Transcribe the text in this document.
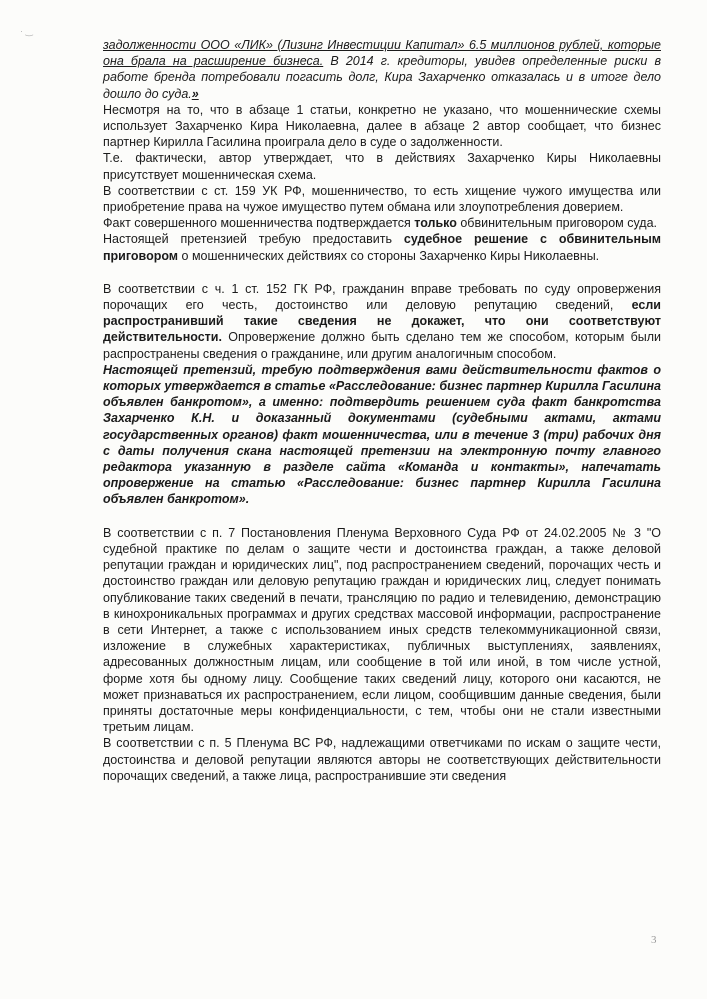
· ‿

задолженности ООО «ЛИК» (Лизинг Инвестиции Капитал» 6.5 миллионов рублей, которые она брала на расширение бизнеса. В 2014 г. кредиторы, увидев определенные риски в работе бренда потребовали погасить долг, Кира Захарченко отказалась и в итоге дело дошло до суда.»

Несмотря на то, что в абзаце 1 статьи, конкретно не указано, что мошеннические схемы использует Захарченко Кира Николаевна, далее в абзаце 2 автор сообщает, что бизнес партнер Кирилла Гасилина проиграла дело в суде о задолженности.

Т.е. фактически, автор утверждает, что в действиях Захарченко Киры Николаевны присутствует мошенническая схема.

В соответствии с ст. 159 УК РФ, мошенничество, то есть хищение чужого имущества или приобретение права на чужое имущество путем обмана или злоупотребления доверием.

Факт совершенного мошенничества подтверждается только обвинительным приговором суда.

Настоящей претензией требую предоставить судебное решение с обвинительным приговором о мошеннических действиях со стороны Захарченко Киры Николаевны.

В соответствии с ч. 1 ст. 152 ГК РФ, гражданин вправе требовать по суду опровержения порочащих его честь, достоинство или деловую репутацию сведений, если распространивший такие сведения не докажет, что они соответствуют действительности. Опровержение должно быть сделано тем же способом, которым были распространены сведения о гражданине, или другим аналогичным способом.

Настоящей претензий, требую подтверждения вами действительности фактов о которых утверждается в статье «Расследование: бизнес партнер Кирилла Гасилина объявлен банкротом», а именно: подтвердить решением суда факт банкротства Захарченко К.Н. и доказанный документами (судебными актами, актами государственных органов) факт мошенничества, или в течение 3 (три) рабочих дня с даты получения скана настоящей претензии на электронную почту главного редактора указанную в разделе сайта «Команда и контакты», напечатать опровержение на статью «Расследование: бизнес партнер Кирилла Гасилина объявлен банкротом».

В соответствии с п. 7 Постановления Пленума Верховного Суда РФ от 24.02.2005 № 3 "О судебной практике по делам о защите чести и достоинства граждан, а также деловой репутации граждан и юридических лиц", под распространением сведений, порочащих честь и достоинство граждан или деловую репутацию граждан и юридических лиц, следует понимать опубликование таких сведений в печати, трансляцию по радио и телевидению, демонстрацию в кинохроникальных программах и других средствах массовой информации, распространение в сети Интернет, а также с использованием иных средств телекоммуникационной связи, изложение в служебных характеристиках, публичных выступлениях, заявлениях, адресованных должностным лицам, или сообщение в той или иной, в том числе устной, форме хотя бы одному лицу. Сообщение таких сведений лицу, которого они касаются, не может признаваться их распространением, если лицом, сообщившим данные сведения, были приняты достаточные меры конфиденциальности, с тем, чтобы они не стали известными третьим лицам.

В соответствии с п. 5 Пленума ВС РФ, надлежащими ответчиками по искам о защите чести, достоинства и деловой репутации являются авторы не соответствующих действительности порочащих сведений, а также лица, распространившие эти сведения

3
